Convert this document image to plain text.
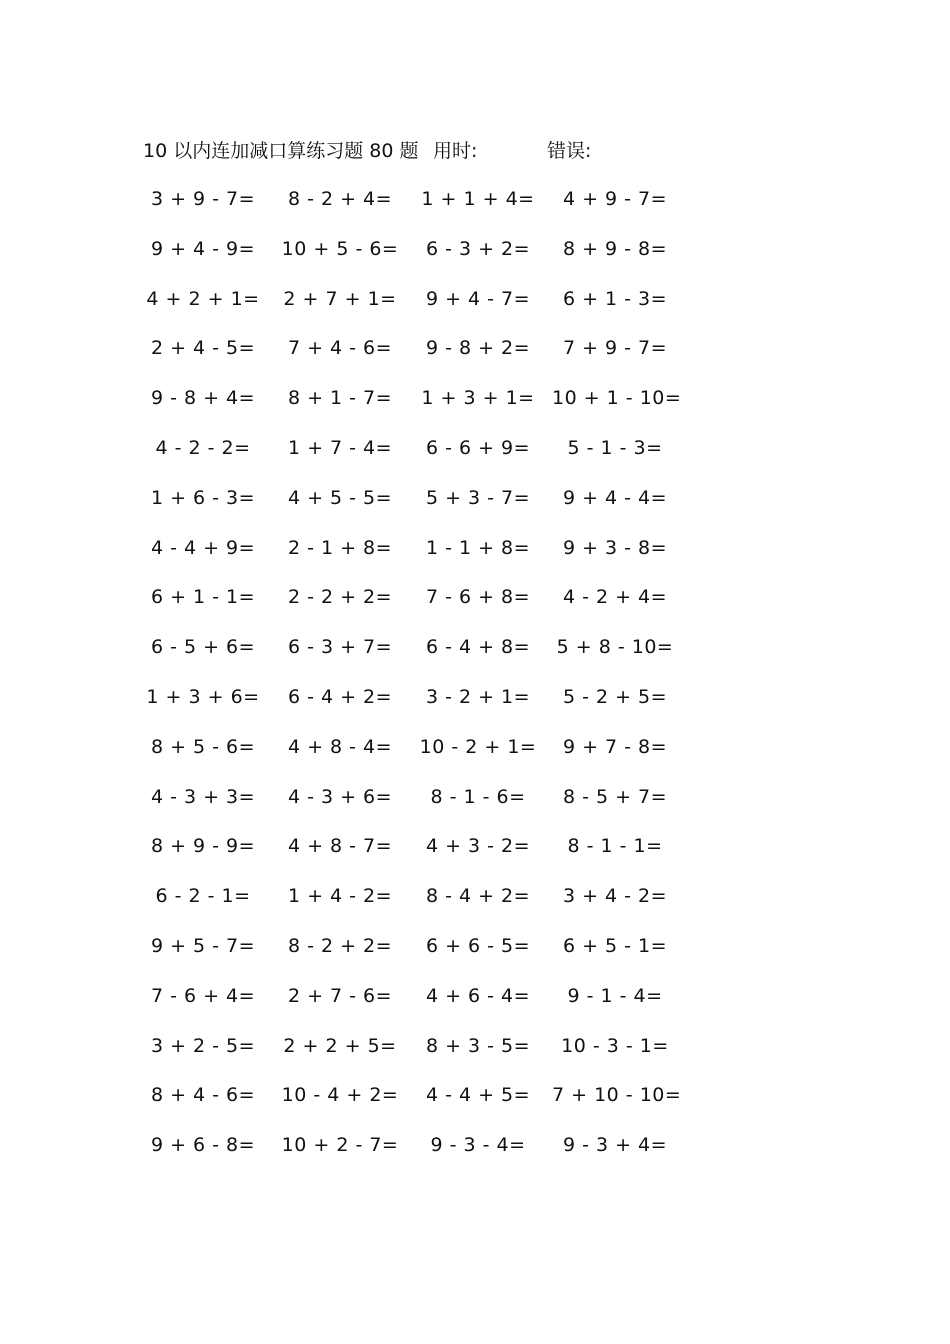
10 以内连加减口算练习题 80 题 用时:	错误:
3 + 9 - 7=	8 - 2 + 4=	1 + 1 + 4=	4 + 9 - 7=
9 + 4 - 9=	10 + 5 - 6=	6 - 3 + 2=	8 + 9 - 8=
4 + 2 + 1=	2 + 7 + 1=	9 + 4 - 7=	6 + 1 - 3=
2 + 4 - 5=	7 + 4 - 6=	9 - 8 + 2=	7 + 9 - 7=
9 - 8 + 4=	8 + 1 - 7=	1 + 3 + 1= 10 + 1 - 10=
4 - 2 - 2=	1 + 7 - 4=	6 - 6 + 9=	5 - 1 - 3=
1 + 6 - 3=	4 + 5 - 5=	5 + 3 - 7=	9 + 4 - 4=
4 - 4 + 9=	2 - 1 + 8=	1 - 1 + 8=	9 + 3 - 8=
6 + 1 - 1=	2 - 2 + 2=	7 - 6 + 8=	4 - 2 + 4=
6 - 5 + 6=	6 - 3 + 7=	6 - 4 + 8=	5 + 8 - 10=
1 + 3 + 6=	6 - 4 + 2=	3 - 2 + 1=	5 - 2 + 5=
8 + 5 - 6=	4 + 8 - 4=	10 - 2 + 1=	9 + 7 - 8=
4 - 3 + 3=	4 - 3 + 6=	8 - 1 - 6=	8 - 5 + 7=
8 + 9 - 9=	4 + 8 - 7=	4 + 3 - 2=	8 - 1 - 1=
6 - 2 - 1=	1 + 4 - 2=	8 - 4 + 2=	3 + 4 - 2=
9 + 5 - 7=	8 - 2 + 2=	6 + 6 - 5=	6 + 5 - 1=
7 - 6 + 4=	2 + 7 - 6=	4 + 6 - 4=	9 - 1 - 4=
3 + 2 - 5=	2 + 2 + 5=	8 + 3 - 5=	10 - 3 - 1=
8 + 4 - 6=	10 - 4 + 2=	4 - 4 + 5=	7 + 10 - 10=
9 + 6 - 8=	10 + 2 - 7=	9 - 3 - 4=	9 - 3 + 4=
